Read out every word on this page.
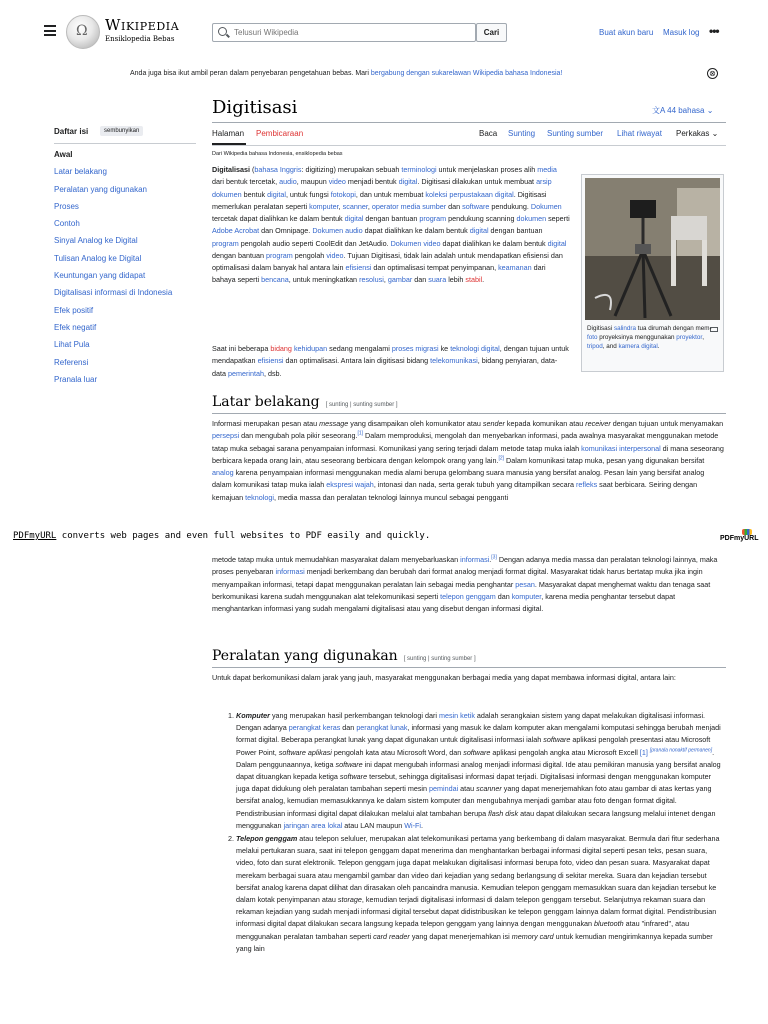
Ω
Wikipedia
Ensiklopedia Bebas
Telusuri Wikipedia
Cari	Buat akun baru Masuk log •••
Anda juga bisa ikut ambil peran dalam penyebaran pengetahuan bebas. Mari bergabung dengan sukarelawan Wikipedia bahasa Indonesia!	⊗
Digitisasi	文A 44 bahasa ⌄
Daftar isi	sembunyikan
Awal
Latar belakang
Peralatan yang digunakan
Proses
Contoh
Sinyal Analog ke Digital
Tulisan Analog ke Digital
Keuntungan yang didapat
Digitalisasi informasi di Indonesia
Efek positif
Efek negatif
Lihat Pula
Referensi
Pranala luar
Halaman Pembicaraan	Baca Sunting Sunting sumber Lihat riwayat Perkakas ⌄
Dari Wikipedia bahasa Indonesia, ensiklopedia bebas

Digitalisasi (bahasa Inggris: digitizing) merupakan sebuah terminologi untuk menjelaskan proses alih media dari bentuk tercetak, audio, maupun video menjadi bentuk digital. Digitisasi dilakukan untuk membuat arsip dokumen bentuk digital, untuk fungsi fotokopi, dan untuk membuat koleksi perpustakaan digital. Digitisasi memerlukan peralatan seperti komputer, scanner, operator media sumber dan software pendukung. Dokumen tercetak dapat dialihkan ke dalam bentuk digital dengan bantuan program pendukung scanning dokumen seperti Adobe Acrobat dan Omnipage. Dokumen audio dapat dialihkan ke dalam bentuk digital dengan bantuan program pengolah audio seperti CoolEdit dan JetAudio. Dokumen video dapat dialihkan ke dalam bentuk digital dengan bantuan program pengolah video. Tujuan Digitisasi, tidak lain adalah untuk mendapatkan efisiensi dan optimalisasi dalam banyak hal antara lain efisiensi dan optimalisasi tempat penyimpanan, keamanan dari bahaya seperti bencana, untuk meningkatkan resolusi, gambar dan suara lebih stabil.

Saat ini beberapa bidang kehidupan sedang mengalami proses migrasi ke teknologi digital, dengan tujuan untuk mendapatkan efisiensi dan optimalisasi. Antara lain digitisasi bidang telekomunikasi, bidang penyiaran, data-data pemerintah, dsb.

Digitisasi salindra tua dirumah dengan mem-foto proyeksinya menggunakan proyektor, tripod, and kamera digital.
Latar belakang [ sunting | sunting sumber ]

Informasi merupakan pesan atau message yang disampaikan oleh komunikator atau sender kepada komunikan atau receiver dengan tujuan untuk menyamakan persepsi dan mengubah pola pikir seseorang.[1] Dalam memproduksi, mengolah dan menyebarkan informasi, pada awalnya masyarakat menggunakan metode tatap muka sebagai sarana penyampaian informasi. Komunikasi yang sering terjadi dalam metode tatap muka ialah komunikasi interpersonal di mana seseorang berbicara kepada orang lain, atau seseorang berbicara dengan kelompok orang yang lain.[2] Dalam komunikasi tatap muka, pesan yang digunakan bersifat analog karena penyampaian informasi menggunakan media alami berupa gelombang suara manusia yang bersifat analog. Pesan lain yang bersifat analog dalam komunikasi tatap muka ialah ekspresi wajah, intonasi dan nada, serta gerak tubuh yang ditampilkan secara refleks saat berbicara. Seiring dengan kemajuan teknologi, media massa dan peralatan teknologi lainnya muncul sebagai pengganti

PDFmyURL converts web pages and even full websites to PDF easily and quickly.	PDFmyURL

metode tatap muka untuk memudahkan masyarakat dalam menyebarluaskan informasi.[3] Dengan adanya media massa dan peralatan teknologi lainnya, maka proses penyebaran informasi menjadi berkembang dan berubah dari format analog menjadi format digital. Masyarakat tidak harus bertatap muka jika ingin menyampaikan informasi, tetapi dapat menggunakan peralatan lain sebagai media penghantar pesan. Masyarakat dapat menghemat waktu dan tenaga saat berkomunikasi karena sudah menggunakan alat telekomunikasi seperti telepon genggam dan komputer, karena media penghantar tersebut dapat menghantarkan informasi yang sudah mengalami digitalisasi atau yang disebut dengan informasi digital.

Peralatan yang digunakan [ sunting | sunting sumber ]

Untuk dapat berkomunikasi dalam jarak yang jauh, masyarakat menggunakan berbagai media yang dapat membawa informasi digital, antara lain:

1. Komputer yang merupakan hasil perkembangan teknologi dari mesin ketik adalah serangkaian sistem yang dapat melakukan digitalisasi informasi. Dengan adanya perangkat keras dan perangkat lunak, informasi yang masuk ke dalam komputer akan mengalami komputasi sehingga berubah menjadi format digital. Beberapa perangkat lunak yang dapat digunakan untuk digitalisasi informasi ialah software aplikasi pengolah presentasi atau Microsoft Power Point, software aplikasi pengolah kata atau Microsoft Word, dan software aplikasi pengolah angka atau Microsoft Excell [1] [pranala nonaktif permanen]. Dalam penggunaannya, ketiga software ini dapat mengubah informasi analog menjadi informasi digital. Ide atau pemikiran manusia yang bersifat analog dapat dituangkan kepada ketiga software tersebut, sehingga digitalisasi informasi dapat terjadi. Digitalisasi informasi dengan menggunakan komputer juga dapat didukung oleh peralatan tambahan seperti mesin pemindai atau scanner yang dapat menerjemahkan foto atau gambar di atas kertas yang bersifat analog, kemudian memasukkannya ke dalam sistem komputer dan mengubahnya menjadi gambar atau foto dengan format digital. Pendistribusian informasi digital dapat dilakukan melalui alat tambahan berupa flash disk atau dapat dilakukan secara langsung melalui intenet dengan menggunakan jaringan area lokal atau LAN maupun Wi-Fi.
2. Telepon genggam atau telepon seluluer, merupakan alat telekomunikasi pertama yang berkembang di dalam masyarakat. Bermula dari fitur sederhana melalui pertukaran suara, saat ini telepon genggam dapat menerima dan menghantarkan berbagai informasi digital seperti pesan teks, pesan suara, video, foto dan surat elektronik. Telepon genggam juga dapat melakukan digitalisasi informasi berupa foto, video dan pesan suara. Masyarakat dapat merekam berbagai suara atau mengambil gambar dan video dari kejadian yang sedang berlangsung di sekitar mereka. Suara dan kejadian tersebut bersifat analog karena dapat dilihat dan dirasakan oleh pancaindra manusia. Kemudian telepon genggam memasukkan suara dan kejadian tersebut ke dalam kotak penyimpanan atau storage, kemudian terjadi digitalisasi informasi di dalam telepon genggam tersebut. Selanjutnya rekaman suara dan rekaman kejadian yang sudah menjadi informasi digital tersebut dapat didistribusikan ke telepon genggam lainnya dalam format digital. Pendistribusian informasi digital dapat dilakukan secara langsung kepada telepon genggam yang lainnya dengan menggunakan bluetooth atau "infrared", atau menggunakan peralatan tambahan seperti card reader yang dapat menerjemahkan isi memory card untuk kemudian mengirimkannya kepada sumber yang lain
